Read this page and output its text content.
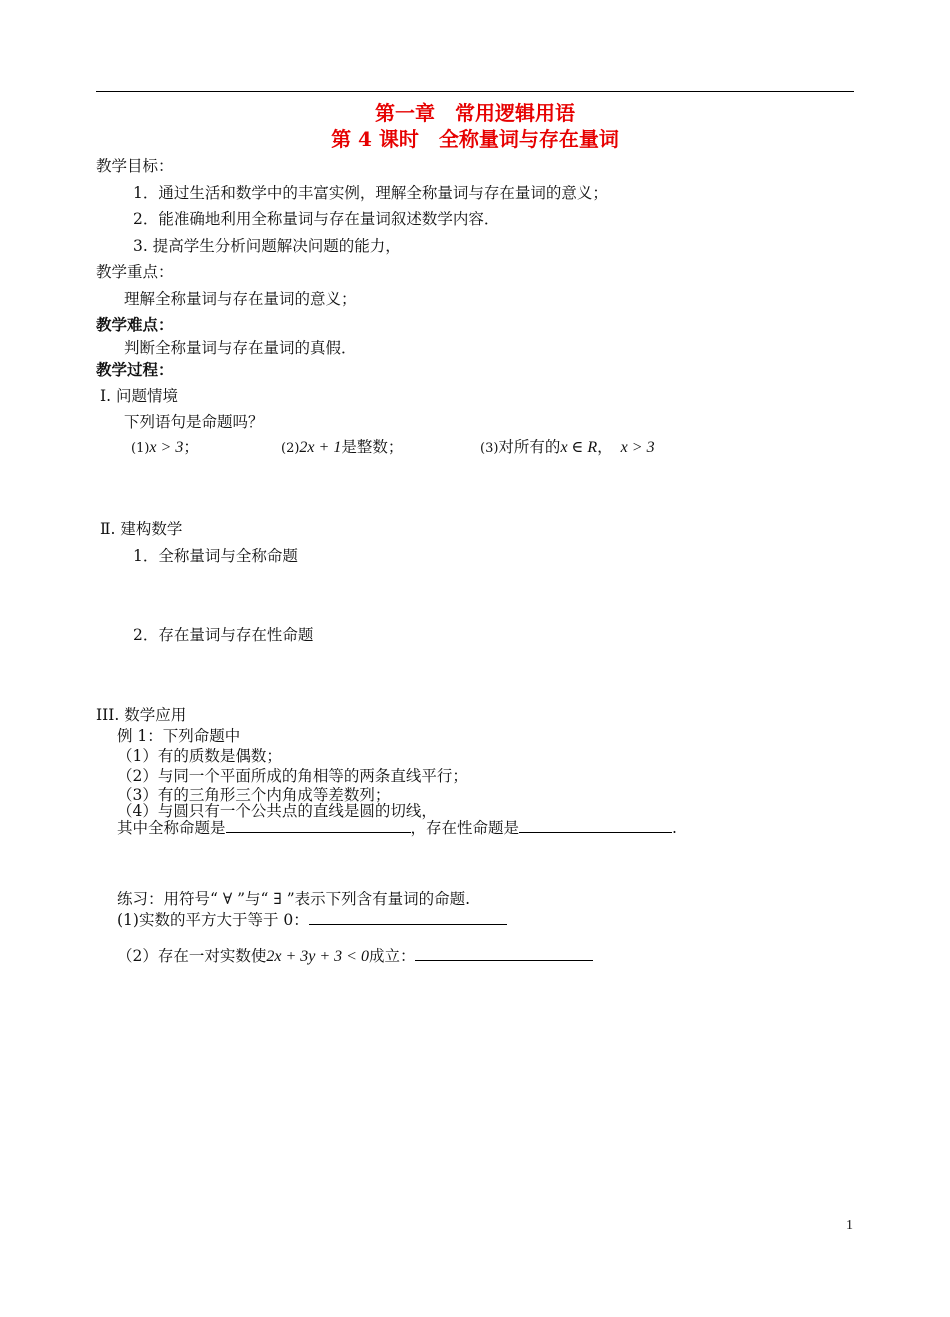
第一章　常用逻辑用语
第 4 课时　全称量词与存在量词
教学目标：
1．通过生活和数学中的丰富实例，理解全称量词与存在量词的意义；
2．能准确地利用全称量词与存在量词叙述数学内容．
3. 提高学生分析问题解决问题的能力，
教学重点：
理解全称量词与存在量词的意义；
教学难点：
判断全称量词与存在量词的真假．
教学过程：
Ⅰ. 问题情境
下列语句是命题吗？
(1)x > 3；	(2)2x + 1是整数；	(3)对所有的x ∈ R， x > 3
Ⅱ. 建构数学
1．全称量词与全称命题
2．存在量词与存在性命题
III. 数学应用
例 1：下列命题中
（1）有的质数是偶数；
（2）与同一个平面所成的角相等的两条直线平行；
（3）有的三角形三个内角成等差数列；
（4）与圆只有一个公共点的直线是圆的切线，
其中全称命题是	，存在性命题是	.
练习：用符号“ ∀ ”与“ ∃ ”表示下列含有量词的命题.
(1)实数的平方大于等于 0：
（2）存在一对实数使2x + 3y + 3 < 0成立：
1
